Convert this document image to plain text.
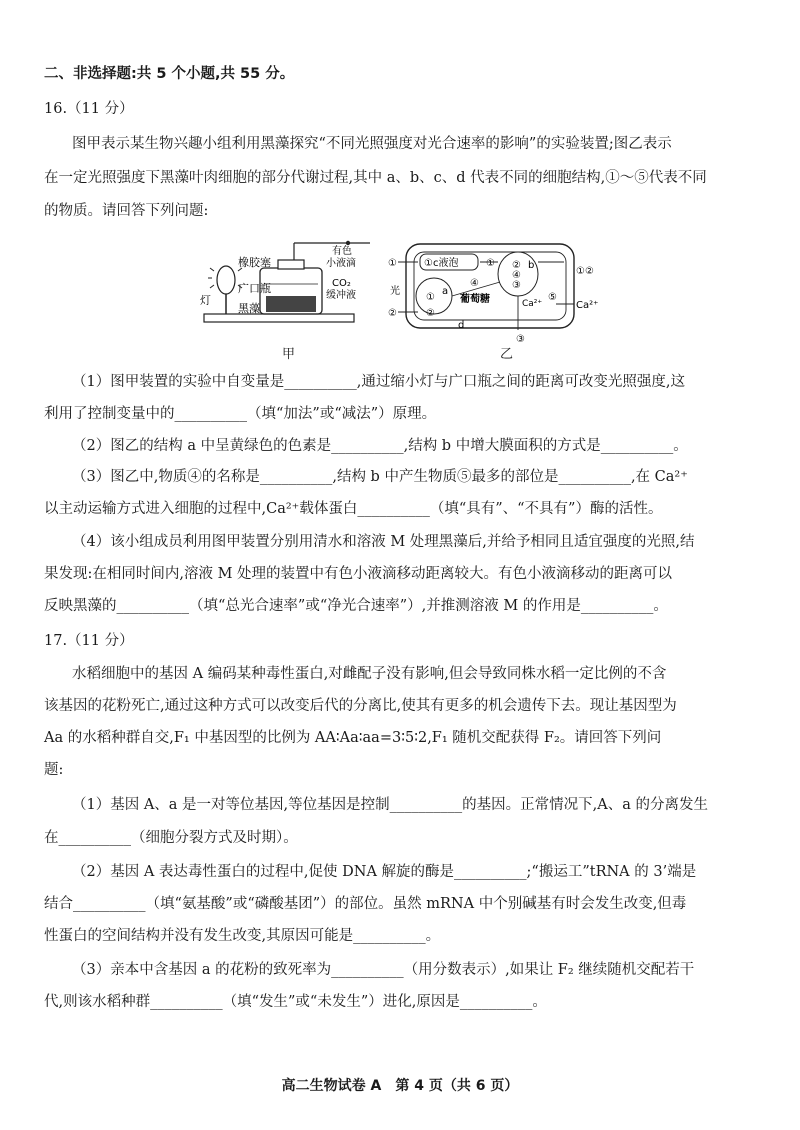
二、非选择题:共 5 个小题,共 55 分。
16.（11 分）
图甲表示某生物兴趣小组利用黑藻探究“不同光照强度对光合速率的影响”的实验装置;图乙表示
在一定光照强度下黑藻叶肉细胞的部分代谢过程,其中 a、b、c、d 代表不同的细胞结构,①～⑤代表不同
的物质。请回答下列问题:
灯
橡胶塞
广口瓶
黑藻
有色 小液滴
CO₂ 缓冲液
甲
①c液泡
a
b
葡萄糖
d
光
①
②
①
②
①
④
②
④
③
⑤
Ca²⁺	Ca²⁺
①②
③
乙
（1）图甲装置的实验中自变量是__________,通过缩小灯与广口瓶之间的距离可改变光照强度,这
利用了控制变量中的__________（填“加法”或“减法”）原理。
（2）图乙的结构 a 中呈黄绿色的色素是__________,结构 b 中增大膜面积的方式是__________。
（3）图乙中,物质④的名称是__________,结构 b 中产生物质⑤最多的部位是__________,在 Ca²⁺
以主动运输方式进入细胞的过程中,Ca²⁺载体蛋白__________（填“具有”、“不具有”）酶的活性。
（4）该小组成员利用图甲装置分别用清水和溶液 M 处理黑藻后,并给予相同且适宜强度的光照,结
果发现:在相同时间内,溶液 M 处理的装置中有色小液滴移动距离较大。有色小液滴移动的距离可以
反映黑藻的__________（填“总光合速率”或“净光合速率”）,并推测溶液 M 的作用是__________。
17.（11 分）
水稻细胞中的基因 A 编码某种毒性蛋白,对雌配子没有影响,但会导致同株水稻一定比例的不含
该基因的花粉死亡,通过这种方式可以改变后代的分离比,使其有更多的机会遗传下去。现让基因型为
Aa 的水稻种群自交,F₁ 中基因型的比例为 AA∶Aa∶aa=3∶5∶2,F₁ 随机交配获得 F₂。请回答下列问
题:
（1）基因 A、a 是一对等位基因,等位基因是控制__________的基因。正常情况下,A、a 的分离发生
在__________（细胞分裂方式及时期）。
（2）基因 A 表达毒性蛋白的过程中,促使 DNA 解旋的酶是__________;“搬运工”tRNA 的 3’端是
结合__________（填“氨基酸”或“磷酸基团”）的部位。虽然 mRNA 中个别碱基有时会发生改变,但毒
性蛋白的空间结构并没有发生改变,其原因可能是__________。
（3）亲本中含基因 a 的花粉的致死率为__________（用分数表示）,如果让 F₂ 继续随机交配若干
代,则该水稻种群__________（填“发生”或“未发生”）进化,原因是__________。
高二生物试卷 A　第 4 页（共 6 页）
